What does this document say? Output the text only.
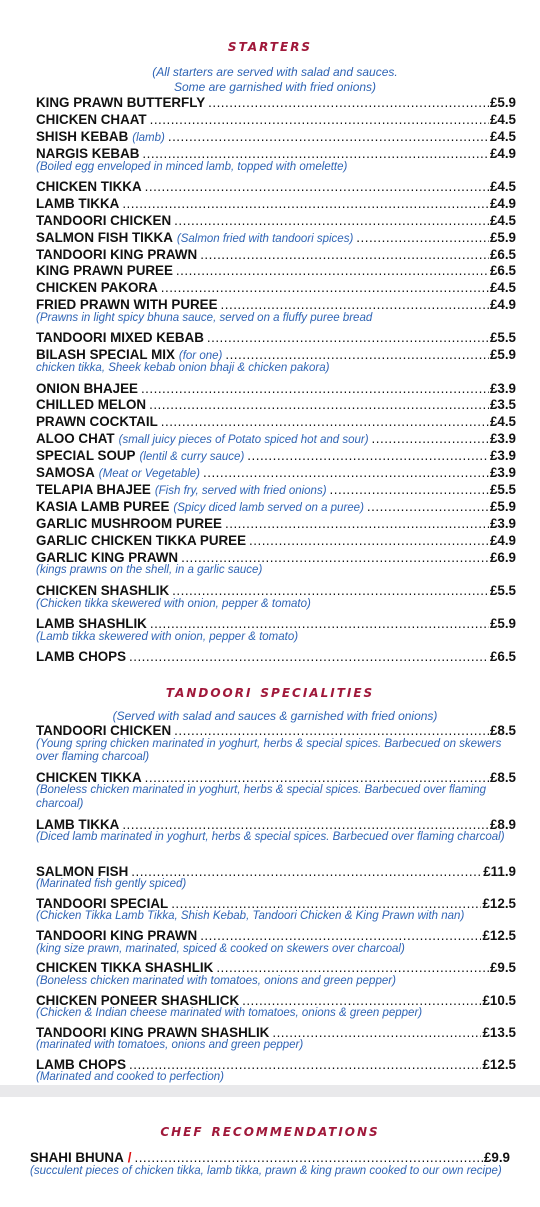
starters
(All starters are served with salad and sauces.
Some are garnished with fried onions)
KING PRAWN BUTTERFLY .....	£5.9
CHICKEN CHAAT .....	£4.5
SHISH KEBAB (lamb) .....	£4.5
NARGIS KEBAB .....	£4.9
(Boiled egg enveloped in minced lamb, topped with omelette)
CHICKEN TIKKA .....	£4.5
LAMB TIKKA .....	£4.9
TANDOORI CHICKEN .....	£4.5
SALMON FISH TIKKA (Salmon fried with tandoori spices) .....	£5.9
TANDOORI KING PRAWN .....	£6.5
KING PRAWN PUREE .....	£6.5
CHICKEN PAKORA .....	£4.5
FRIED PRAWN WITH PUREE .....	£4.9
(Prawns in light spicy bhuna sauce, served on a fluffy puree bread
TANDOORI MIXED KEBAB .....	£5.5
BILASH SPECIAL MIX (for one) .....	£5.9
chicken tikka, Sheek kebab onion bhaji & chicken pakora)
ONION BHAJEE .....	£3.9
CHILLED MELON .....	£3.5
PRAWN COCKTAIL .....	£4.5
ALOO CHAT (small juicy pieces of Potato spiced hot and sour) .....	£3.9
SPECIAL SOUP (lentil & curry sauce) .....	£3.9
SAMOSA (Meat or Vegetable) .....	£3.9
TELAPIA BHAJEE (Fish fry, served with fried onions) .....	£5.5
KASIA LAMB PUREE (Spicy diced lamb served on a puree) .....	£5.9
GARLIC MUSHROOM PUREE .....	£3.9
GARLIC CHICKEN TIKKA PUREE .....	£4.9
GARLIC KING PRAWN .....	£6.9
(kings prawns on the shell, in a garlic sauce)
CHICKEN SHASHLIK .....	£5.5
(Chicken tikka skewered with onion, pepper & tomato)
LAMB SHASHLIK .....	£5.9
(Lamb tikka skewered with onion, pepper & tomato)
LAMB CHOPS .....	£6.5
tandoori specialities
(Served with salad and sauces & garnished with fried onions)
TANDOORI CHICKEN .....	£8.5
(Young spring chicken marinated in yoghurt, herbs & special spices. Barbecued on skewers over flaming charcoal)
CHICKEN TIKKA .....	£8.5
(Boneless chicken marinated in yoghurt, herbs & special spices. Barbecued over flaming charcoal)
LAMB TIKKA .....	£8.9
(Diced lamb marinated in yoghurt, herbs & special spices. Barbecued over flaming charcoal)
SALMON FISH .....	£11.9
(Marinated fish gently spiced)
TANDOORI SPECIAL .....	£12.5
(Chicken Tikka Lamb Tikka, Shish Kebab, Tandoori Chicken & King Prawn with nan)
TANDOORI KING PRAWN .....	£12.5
(king size prawn, marinated, spiced & cooked on skewers over charcoal)
CHICKEN TIKKA SHASHLIK .....	£9.5
(Boneless chicken marinated with tomatoes, onions and green pepper)
CHICKEN PONEER SHASHLICK .....	£10.5
(Chicken & Indian cheese marinated with tomatoes, onions & green pepper)
TANDOORI KING PRAWN SHASHLIK .....	£13.5
(marinated with tomatoes, onions and green pepper)
LAMB CHOPS .....	£12.5
(Marinated and cooked to perfection)
chef recommendations
SHAHI BHUNA / .....	£9.9
(succulent pieces of chicken tikka, lamb tikka, prawn & king prawn cooked to our own recipe)
